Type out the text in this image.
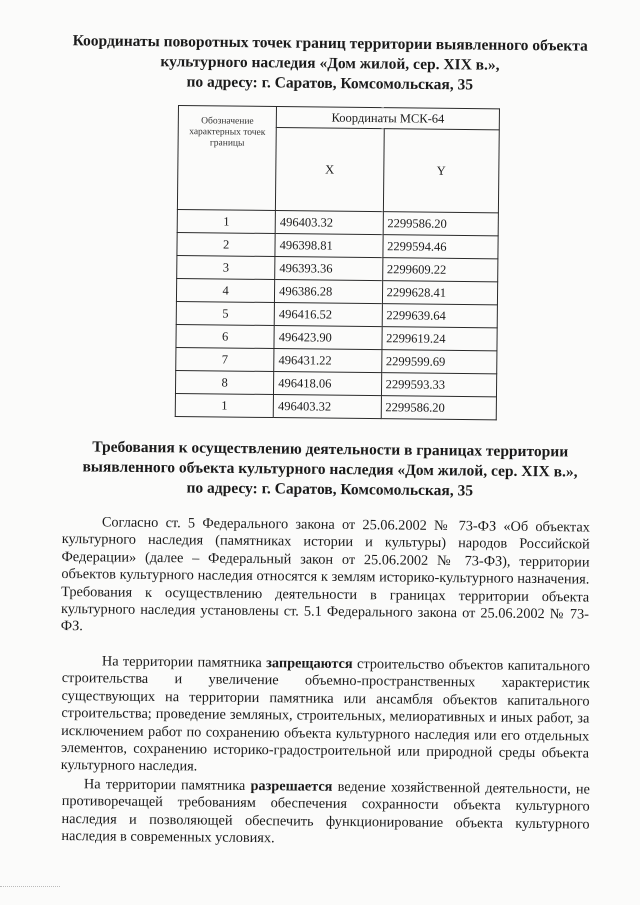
Координаты поворотных точек границ территории выявленного объекта
культурного наследия «Дом жилой, сер. XIX в.»,
по адресу: г. Саратов, Комсомольская, 35
Обозначение характерных точек границы	Координаты МСК-64	
	X	Y
1	496403.32	2299586.20
2	496398.81	2299594.46
3	496393.36	2299609.22
4	496386.28	2299628.41
5	496416.52	2299639.64
6	496423.90	2299619.24
7	496431.22	2299599.69
8	496418.06	2299593.33
1	496403.32	2299586.20
Требования к осуществлению деятельности в границах территории
выявленного объекта культурного наследия «Дом жилой, сер. XIX в.»,
по адресу: г. Саратов, Комсомольская, 35

Согласно ст. 5 Федерального закона от 25.06.2002 № 73-ФЗ «Об объектах культурного наследия (памятниках истории и культуры) народов Российской Федерации» (далее – Федеральный закон от 25.06.2002 № 73-ФЗ), территории объектов культурного наследия относятся к землям историко-культурного назначения. Требования к осуществлению деятельности в границах территории объекта культурного наследия установлены ст. 5.1 Федерального закона от 25.06.2002 № 73-ФЗ.

На территории памятника запрещаются строительство объектов капитального строительства и увеличение объемно-пространственных характеристик существующих на территории памятника или ансамбля объектов капитального строительства; проведение земляных, строительных, мелиоративных и иных работ, за исключением работ по сохранению объекта культурного наследия или его отдельных элементов, сохранению историко-градостроительной или природной среды объекта культурного наследия.

На территории памятника разрешается ведение хозяйственной деятельности, не противоречащей требованиям обеспечения сохранности объекта культурного наследия и позволяющей обеспечить функционирование объекта культурного наследия в современных условиях.
